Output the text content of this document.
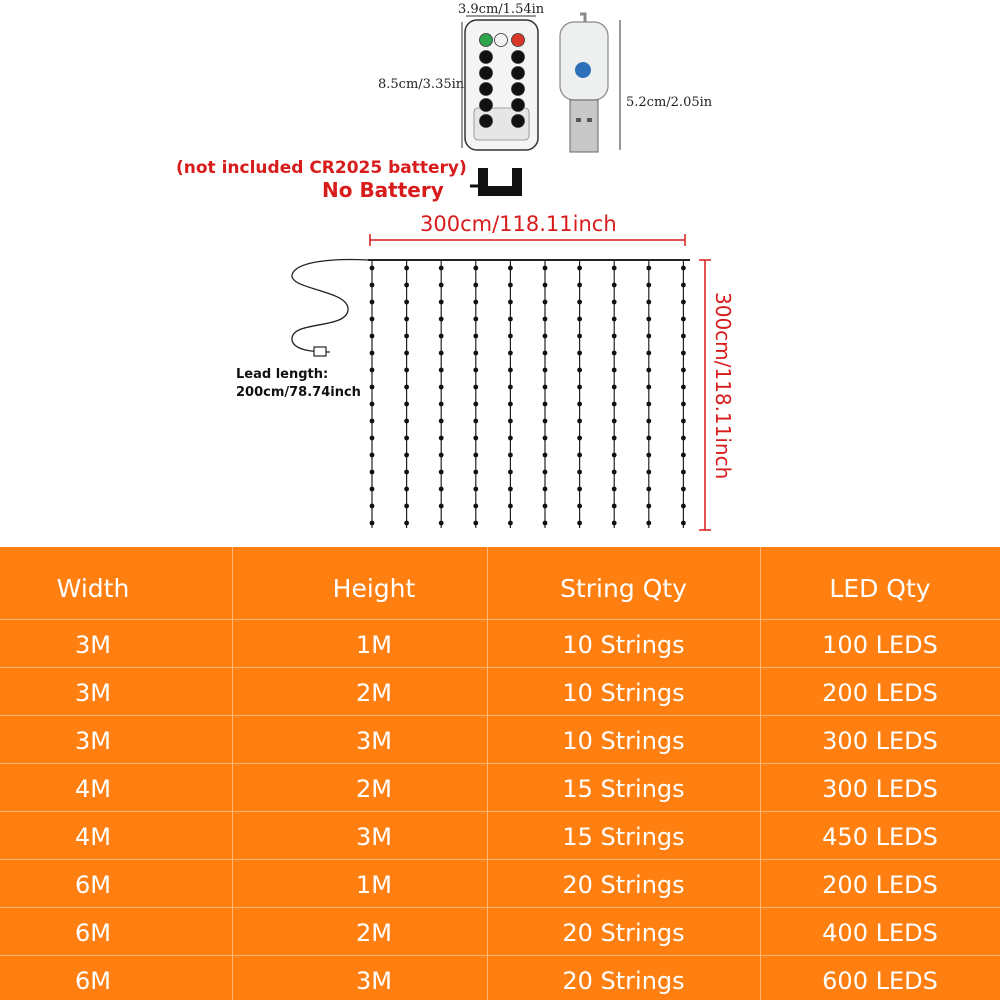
3.9cm/1.54in
8.5cm/3.35in
5.2cm/2.05in
(not included CR2025 battery)
No Battery
300cm/118.11inch
300cm/118.11inch
Lead length:
200cm/78.74inch
Width	Height	String Qty	LED Qty
3M	1M	10 Strings	100 LEDS
3M	2M	10 Strings	200 LEDS
3M	3M	10 Strings	300 LEDS
4M	2M	15 Strings	300 LEDS
4M	3M	15 Strings	450 LEDS
6M	1M	20 Strings	200 LEDS
6M	2M	20 Strings	400 LEDS
6M	3M	20 Strings	600 LEDS
